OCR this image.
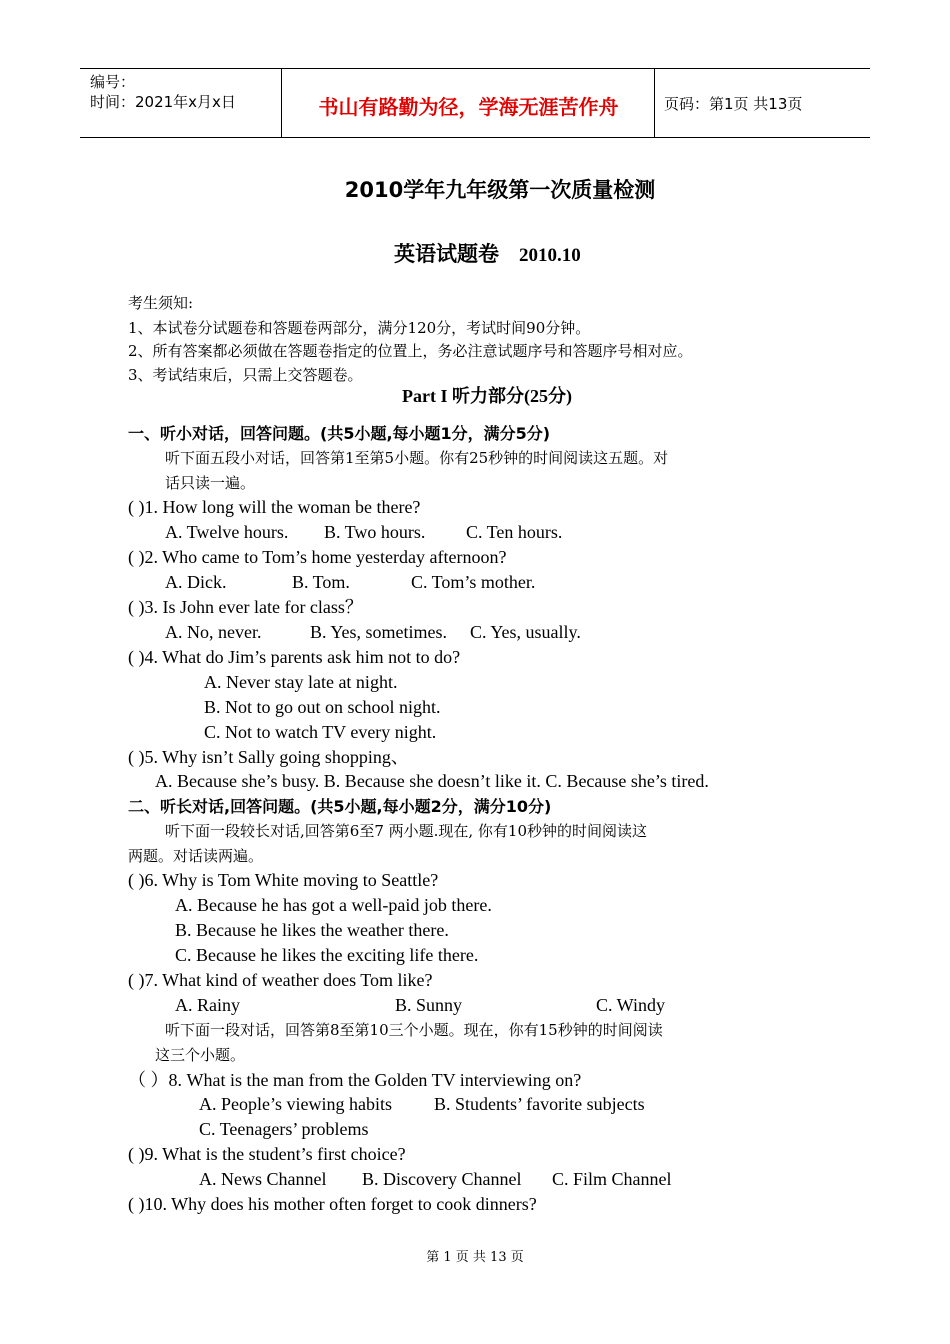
编号：
时间：2021年x月x日	书山有路勤为径，学海无涯苦作舟	页码：第1页 共13页
2010学年九年级第一次质量检测
英语试题卷 2010.10
考生须知:
1、本试卷分试题卷和答题卷两部分，满分120分，考试时间90分钟。
2、所有答案都必须做在答题卷指定的位置上，务必注意试题序号和答题序号相对应。
3、考试结束后，只需上交答题卷。
Part I 听力部分(25分)
一、听小对话，回答问题。(共5小题,每小题1分，满分5分)
听下面五段小对话，回答第1至第5小题。你有25秒钟的时间阅读这五题。对
话只读一遍。
( )1. How long will the woman be there?
A. Twelve hours. B. Two hours. C. Ten hours.
( )2. Who came to Tom’s home yesterday afternoon?
A. Dick.	B. Tom.	C. Tom’s mother.
( )3. Is John ever late for class？
A. No, never.	B. Yes, sometimes. C. Yes, usually.
( )4. What do Jim’s parents ask him not to do?
A. Never stay late at night.
B. Not to go out on school night.
C. Not to watch TV every night.
( )5. Why isn’t Sally going shopping、
A. Because she’s busy. B. Because she doesn’t like it. C. Because she’s tired.
二、听长对话,回答问题。(共5小题,每小题2分，满分10分)
听下面一段较长对话,回答第6至7 两小题.现在, 你有10秒钟的时间阅读这
两题。对话读两遍。
( )6. Why is Tom White moving to Seattle?
A. Because he has got a well-paid job there.
B. Because he likes the weather there.
C. Because he likes the exciting life there.
( )7. What kind of weather does Tom like?
A. Rainy	B. Sunny	C. Windy
听下面一段对话，回答第8至第10三个小题。现在，你有15秒钟的时间阅读
这三个小题。
（ ）8. What is the man from the Golden TV interviewing on?
A. People’s viewing habits B. Students’ favorite subjects
C. Teenagers’ problems
( )9. What is the student’s first choice?
A. News Channel B. Discovery Channel C. Film Channel
( )10. Why does his mother often forget to cook dinners?
第 1 页 共 13 页
